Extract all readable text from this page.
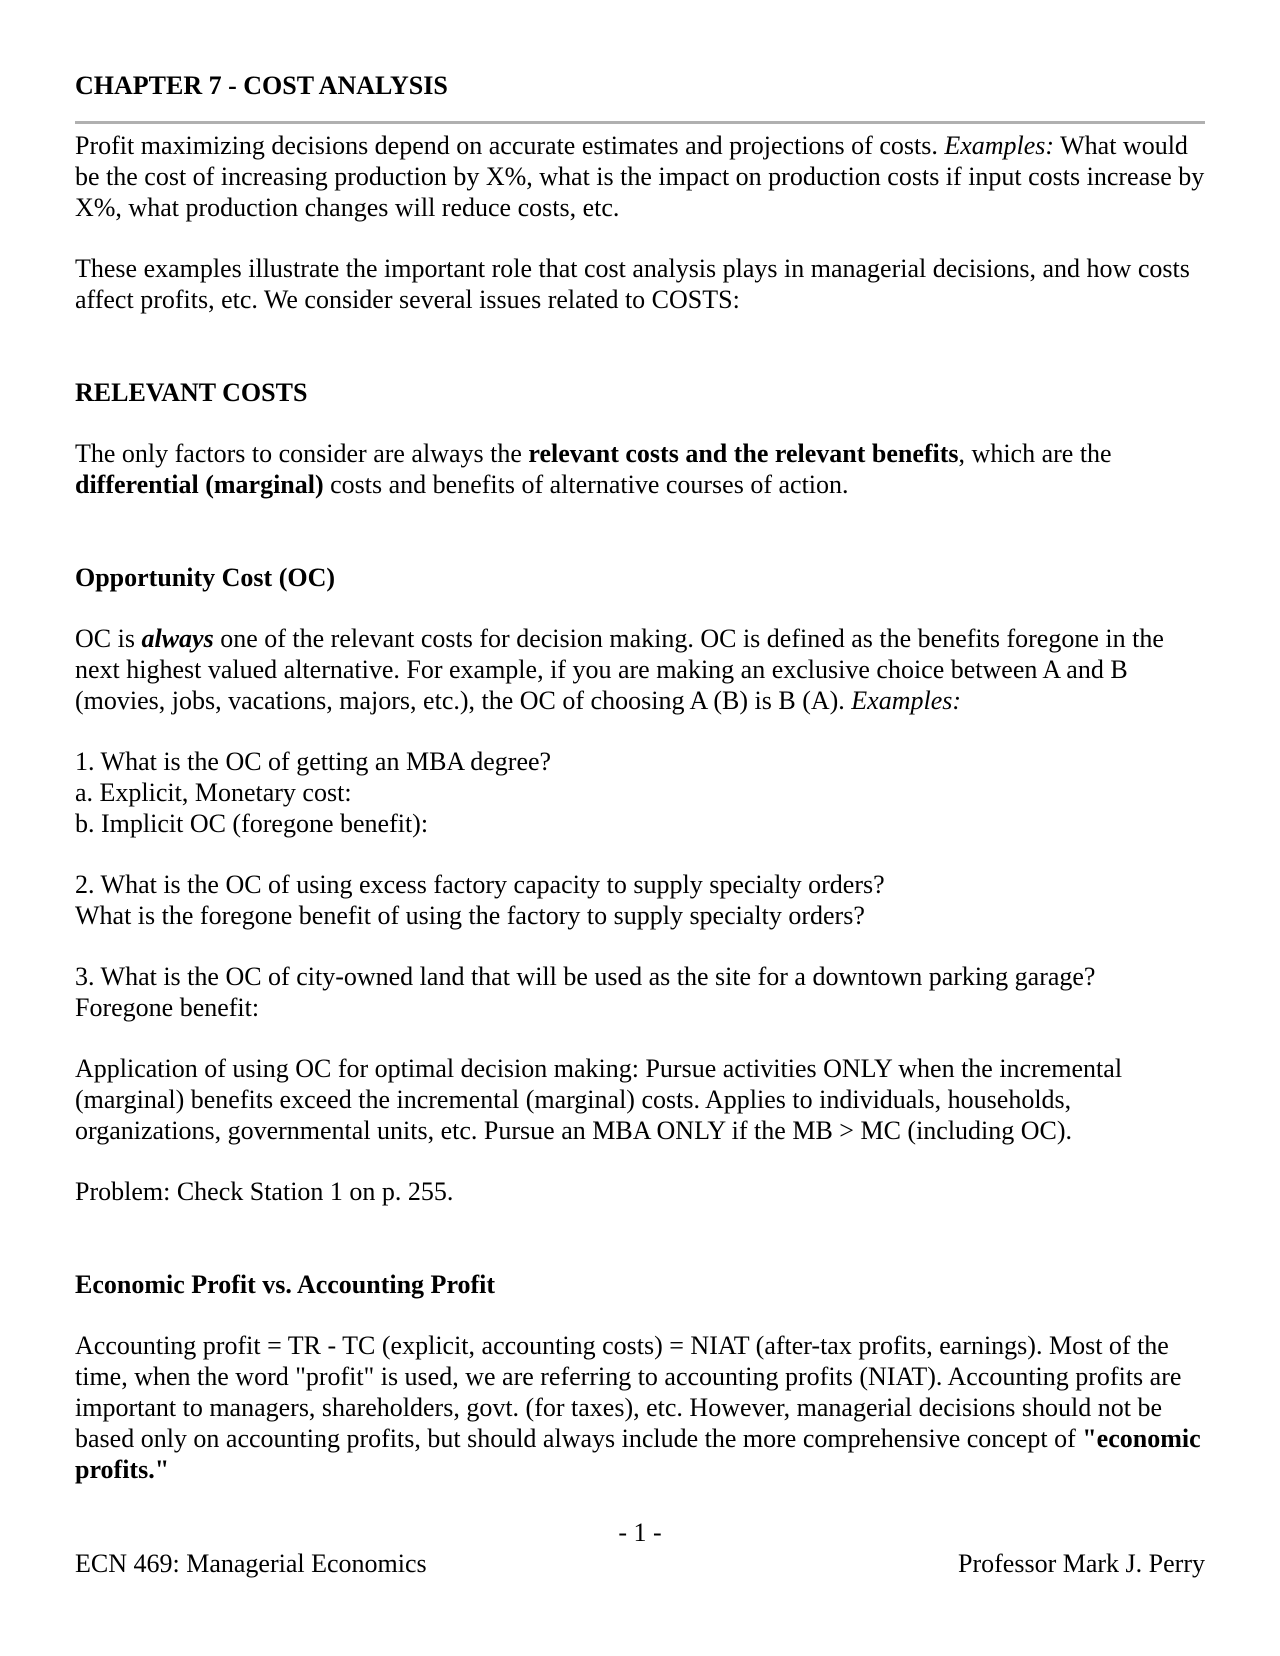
CHAPTER 7 - COST ANALYSIS

Profit maximizing decisions depend on accurate estimates and projections of costs. Examples: What would be the cost of increasing production by X%, what is the impact on production costs if input costs increase by X%, what production changes will reduce costs, etc.

These examples illustrate the important role that cost analysis plays in managerial decisions, and how costs affect profits, etc. We consider several issues related to COSTS:

RELEVANT COSTS

The only factors to consider are always the relevant costs and the relevant benefits, which are the differential (marginal) costs and benefits of alternative courses of action.

Opportunity Cost (OC)

OC is always one of the relevant costs for decision making. OC is defined as the benefits foregone in the next highest valued alternative. For example, if you are making an exclusive choice between A and B (movies, jobs, vacations, majors, etc.), the OC of choosing A (B) is B (A). Examples:

1. What is the OC of getting an MBA degree?

a. Explicit, Monetary cost:

b. Implicit OC (foregone benefit):

2. What is the OC of using excess factory capacity to supply specialty orders?

What is the foregone benefit of using the factory to supply specialty orders?

3. What is the OC of city-owned land that will be used as the site for a downtown parking garage?

Foregone benefit:

Application of using OC for optimal decision making: Pursue activities ONLY when the incremental (marginal) benefits exceed the incremental (marginal) costs. Applies to individuals, households, organizations, governmental units, etc. Pursue an MBA ONLY if the MB > MC (including OC).

Problem: Check Station 1 on p. 255.

Economic Profit vs. Accounting Profit

Accounting profit = TR - TC (explicit, accounting costs) = NIAT (after-tax profits, earnings). Most of the time, when the word "profit" is used, we are referring to accounting profits (NIAT). Accounting profits are important to managers, shareholders, govt. (for taxes), etc. However, managerial decisions should not be based only on accounting profits, but should always include the more comprehensive concept of "economic profits."

- 1 -
ECN 469: Managerial Economics	Professor Mark J. Perry
